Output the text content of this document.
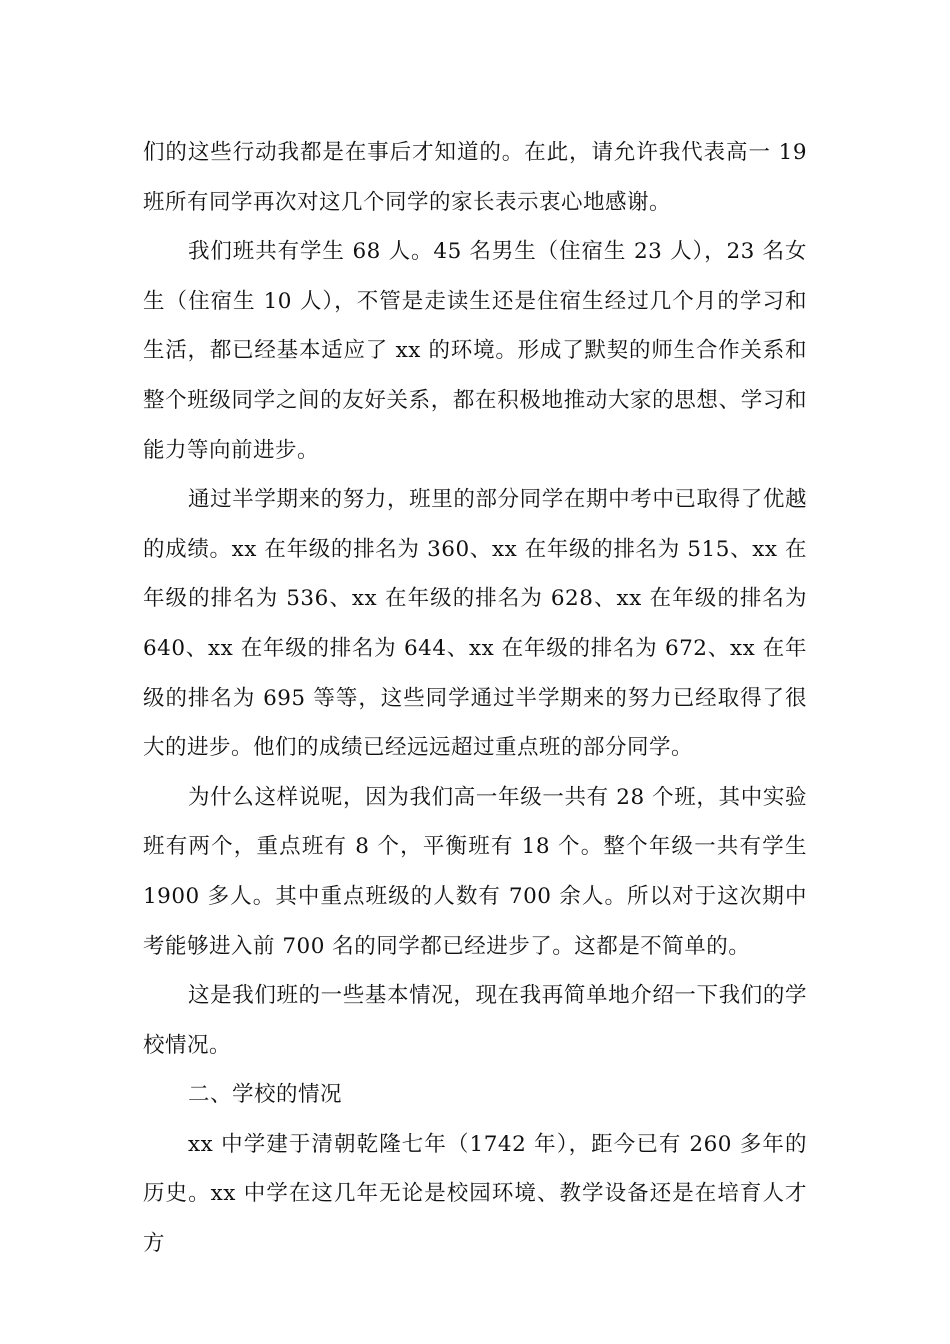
们的这些行动我都是在事后才知道的。在此，请允许我代表高一 19 班所有同学再次对这几个同学的家长表示衷心地感谢。

我们班共有学生 68 人。45 名男生（住宿生 23 人），23 名女生（住宿生 10 人），不管是走读生还是住宿生经过几个月的学习和生活，都已经基本适应了 xx 的环境。形成了默契的师生合作关系和整个班级同学之间的友好关系，都在积极地推动大家的思想、学习和能力等向前进步。

通过半学期来的努力，班里的部分同学在期中考中已取得了优越的成绩。xx 在年级的排名为 360、xx 在年级的排名为 515、xx 在年级的排名为 536、xx 在年级的排名为 628、xx 在年级的排名为 640、xx 在年级的排名为 644、xx 在年级的排名为 672、xx 在年级的排名为 695 等等，这些同学通过半学期来的努力已经取得了很大的进步。他们的成绩已经远远超过重点班的部分同学。

为什么这样说呢，因为我们高一年级一共有 28 个班，其中实验班有两个，重点班有 8 个，平衡班有 18 个。整个年级一共有学生 1900 多人。其中重点班级的人数有 700 余人。所以对于这次期中考能够进入前 700 名的同学都已经进步了。这都是不简单的。

这是我们班的一些基本情况，现在我再简单地介绍一下我们的学校情况。

二、学校的情况

xx 中学建于清朝乾隆七年（1742 年），距今已有 260 多年的历史。xx 中学在这几年无论是校园环境、教学设备还是在培育人才方
